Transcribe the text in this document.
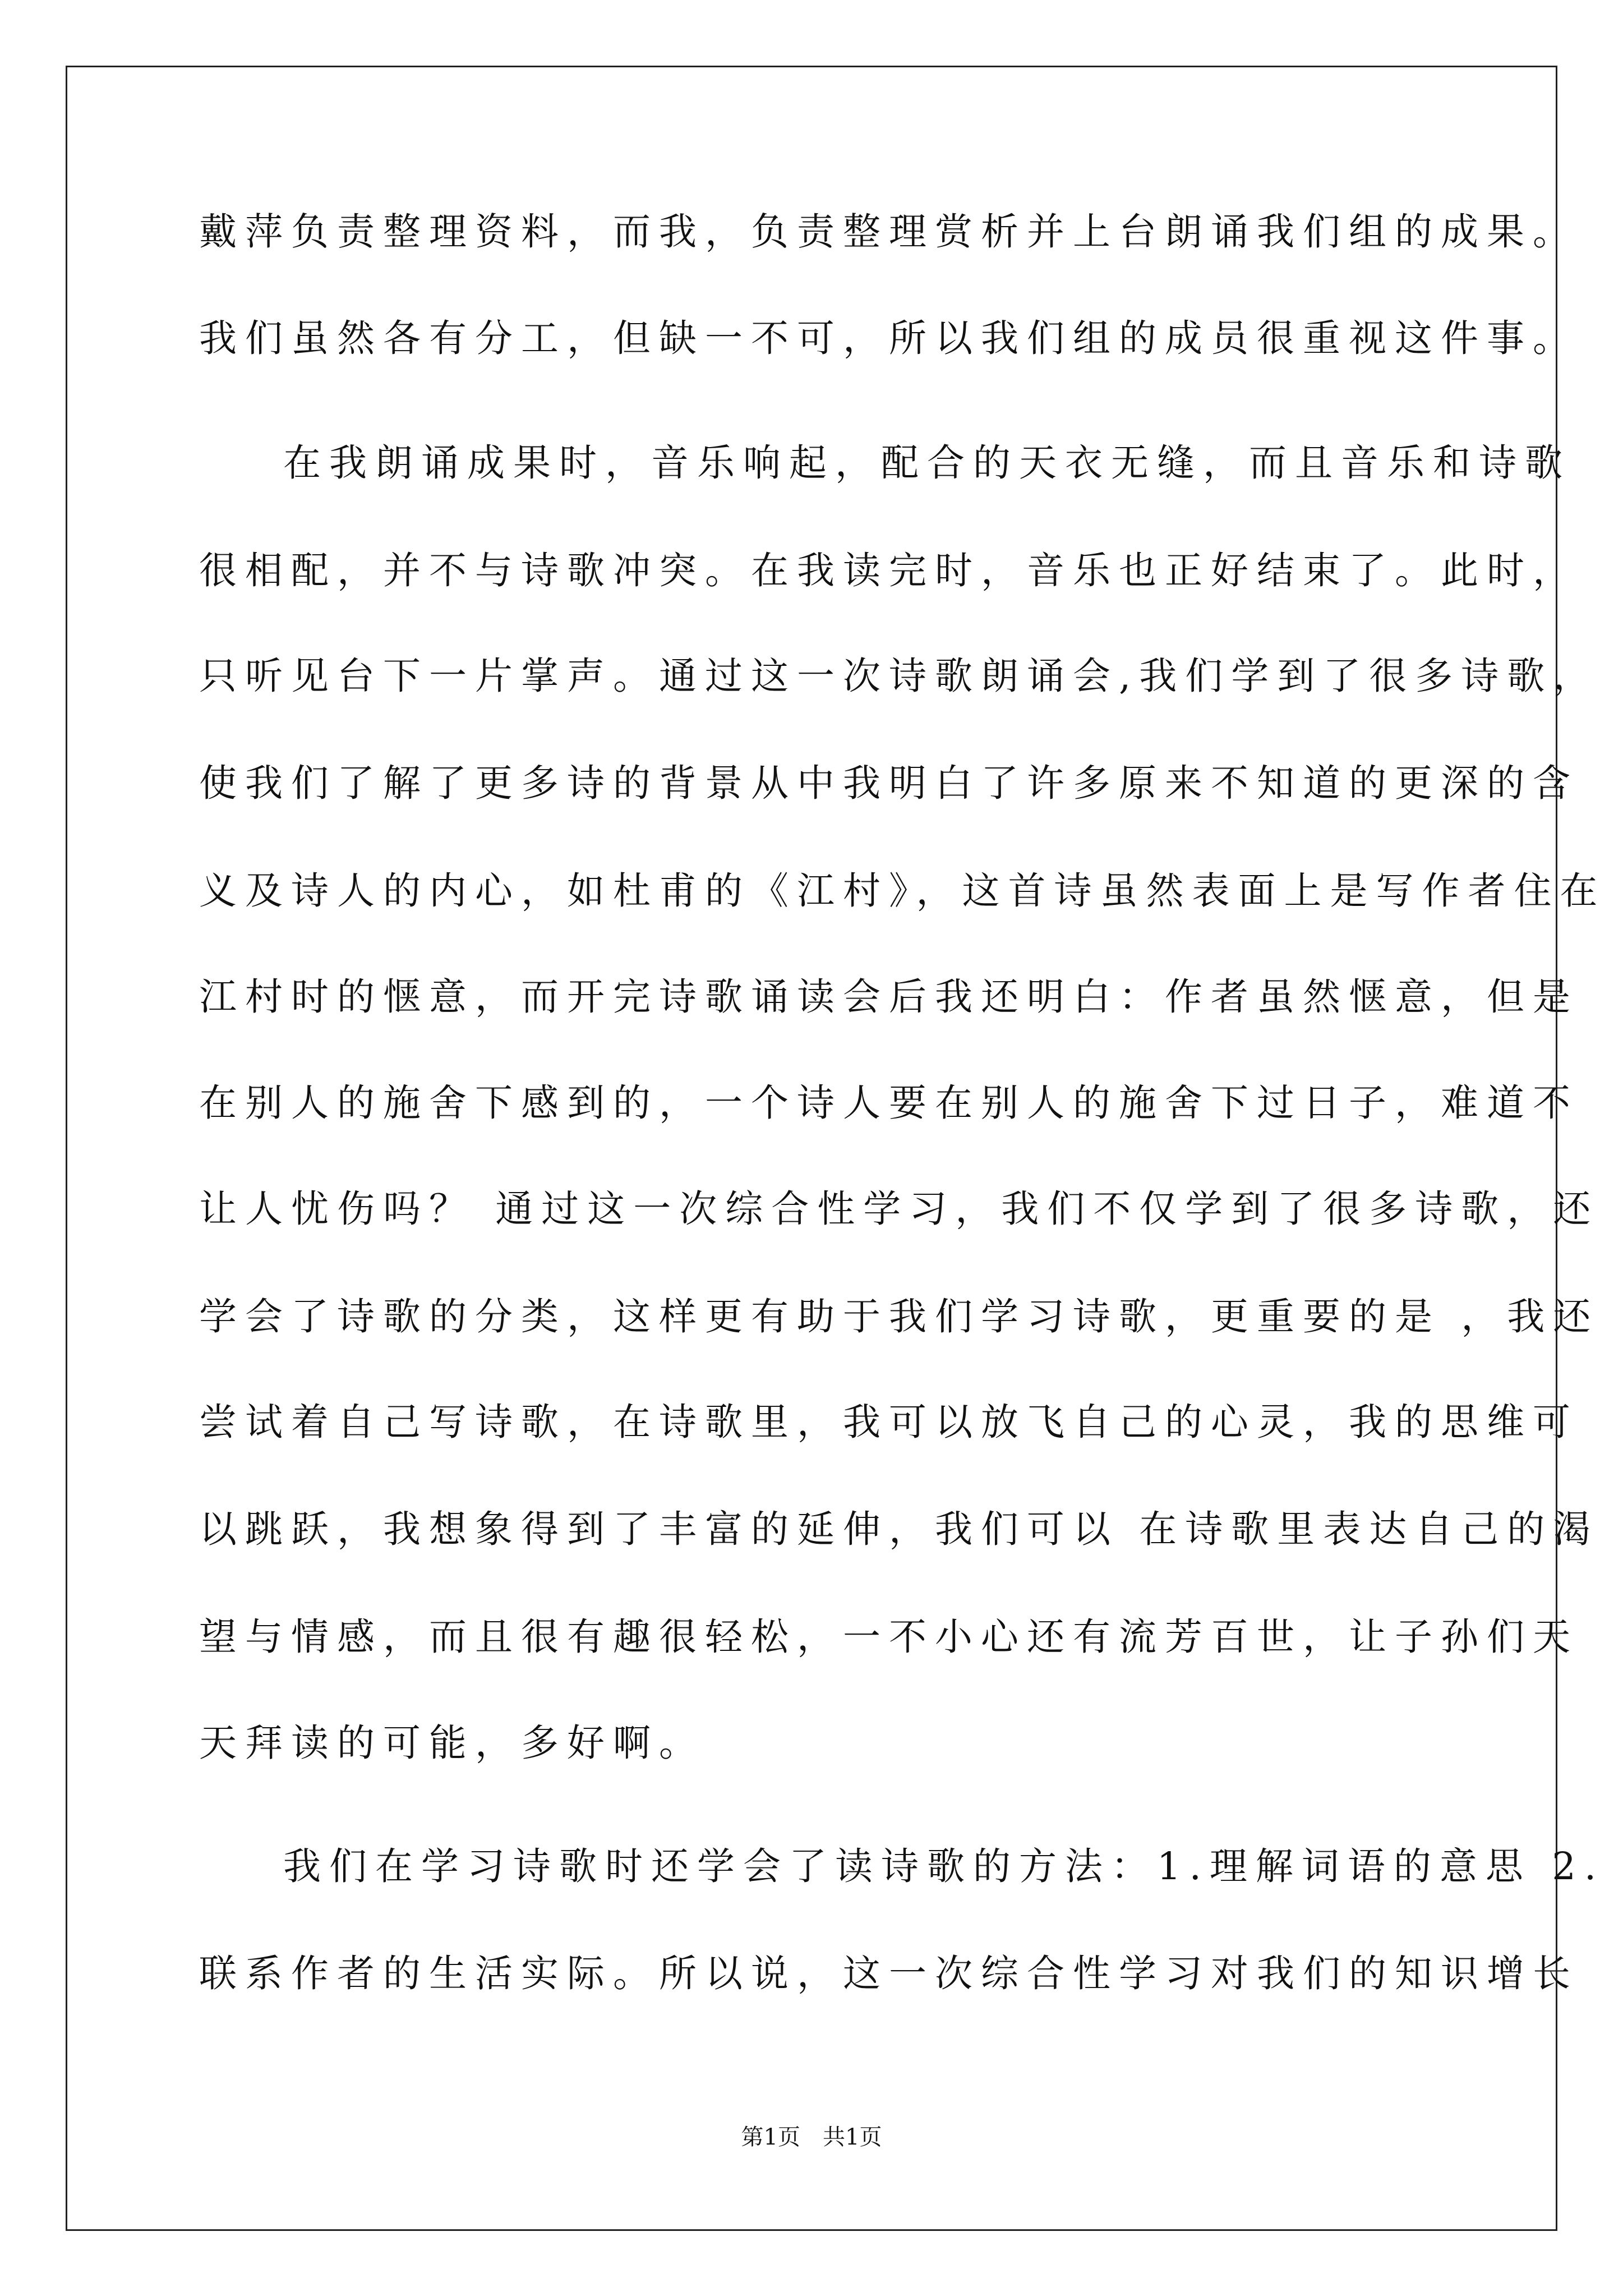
戴萍负责整理资料，而我，负责整理赏析并上台朗诵我们组的成果。
我们虽然各有分工，但缺一不可，所以我们组的成员很重视这件事。
在我朗诵成果时，音乐响起，配合的天衣无缝，而且音乐和诗歌
很相配，并不与诗歌冲突。在我读完时，音乐也正好结束了。此时，
只听见台下一片掌声。通过这一次诗歌朗诵会,我们学到了很多诗歌，
使我们了解了更多诗的背景从中我明白了许多原来不知道的更深的含
义及诗人的内心，如杜甫的《江村》，这首诗虽然表面上是写作者住在
江村时的惬意，而开完诗歌诵读会后我还明白：作者虽然惬意，但是
在别人的施舍下感到的，一个诗人要在别人的施舍下过日子，难道不
让人忧伤吗？ 通过这一次综合性学习，我们不仅学到了很多诗歌，还
学会了诗歌的分类，这样更有助于我们学习诗歌，更重要的是 ，我还
尝试着自己写诗歌，在诗歌里，我可以放飞自己的心灵，我的思维可
以跳跃，我想象得到了丰富的延伸，我们可以 在诗歌里表达自己的渴
望与情感，而且很有趣很轻松，一不小心还有流芳百世，让子孙们天
天拜读的可能，多好啊。
我们在学习诗歌时还学会了读诗歌的方法：1.理解词语的意思 2.
联系作者的生活实际。所以说，这一次综合性学习对我们的知识增长
第1页　共1页
